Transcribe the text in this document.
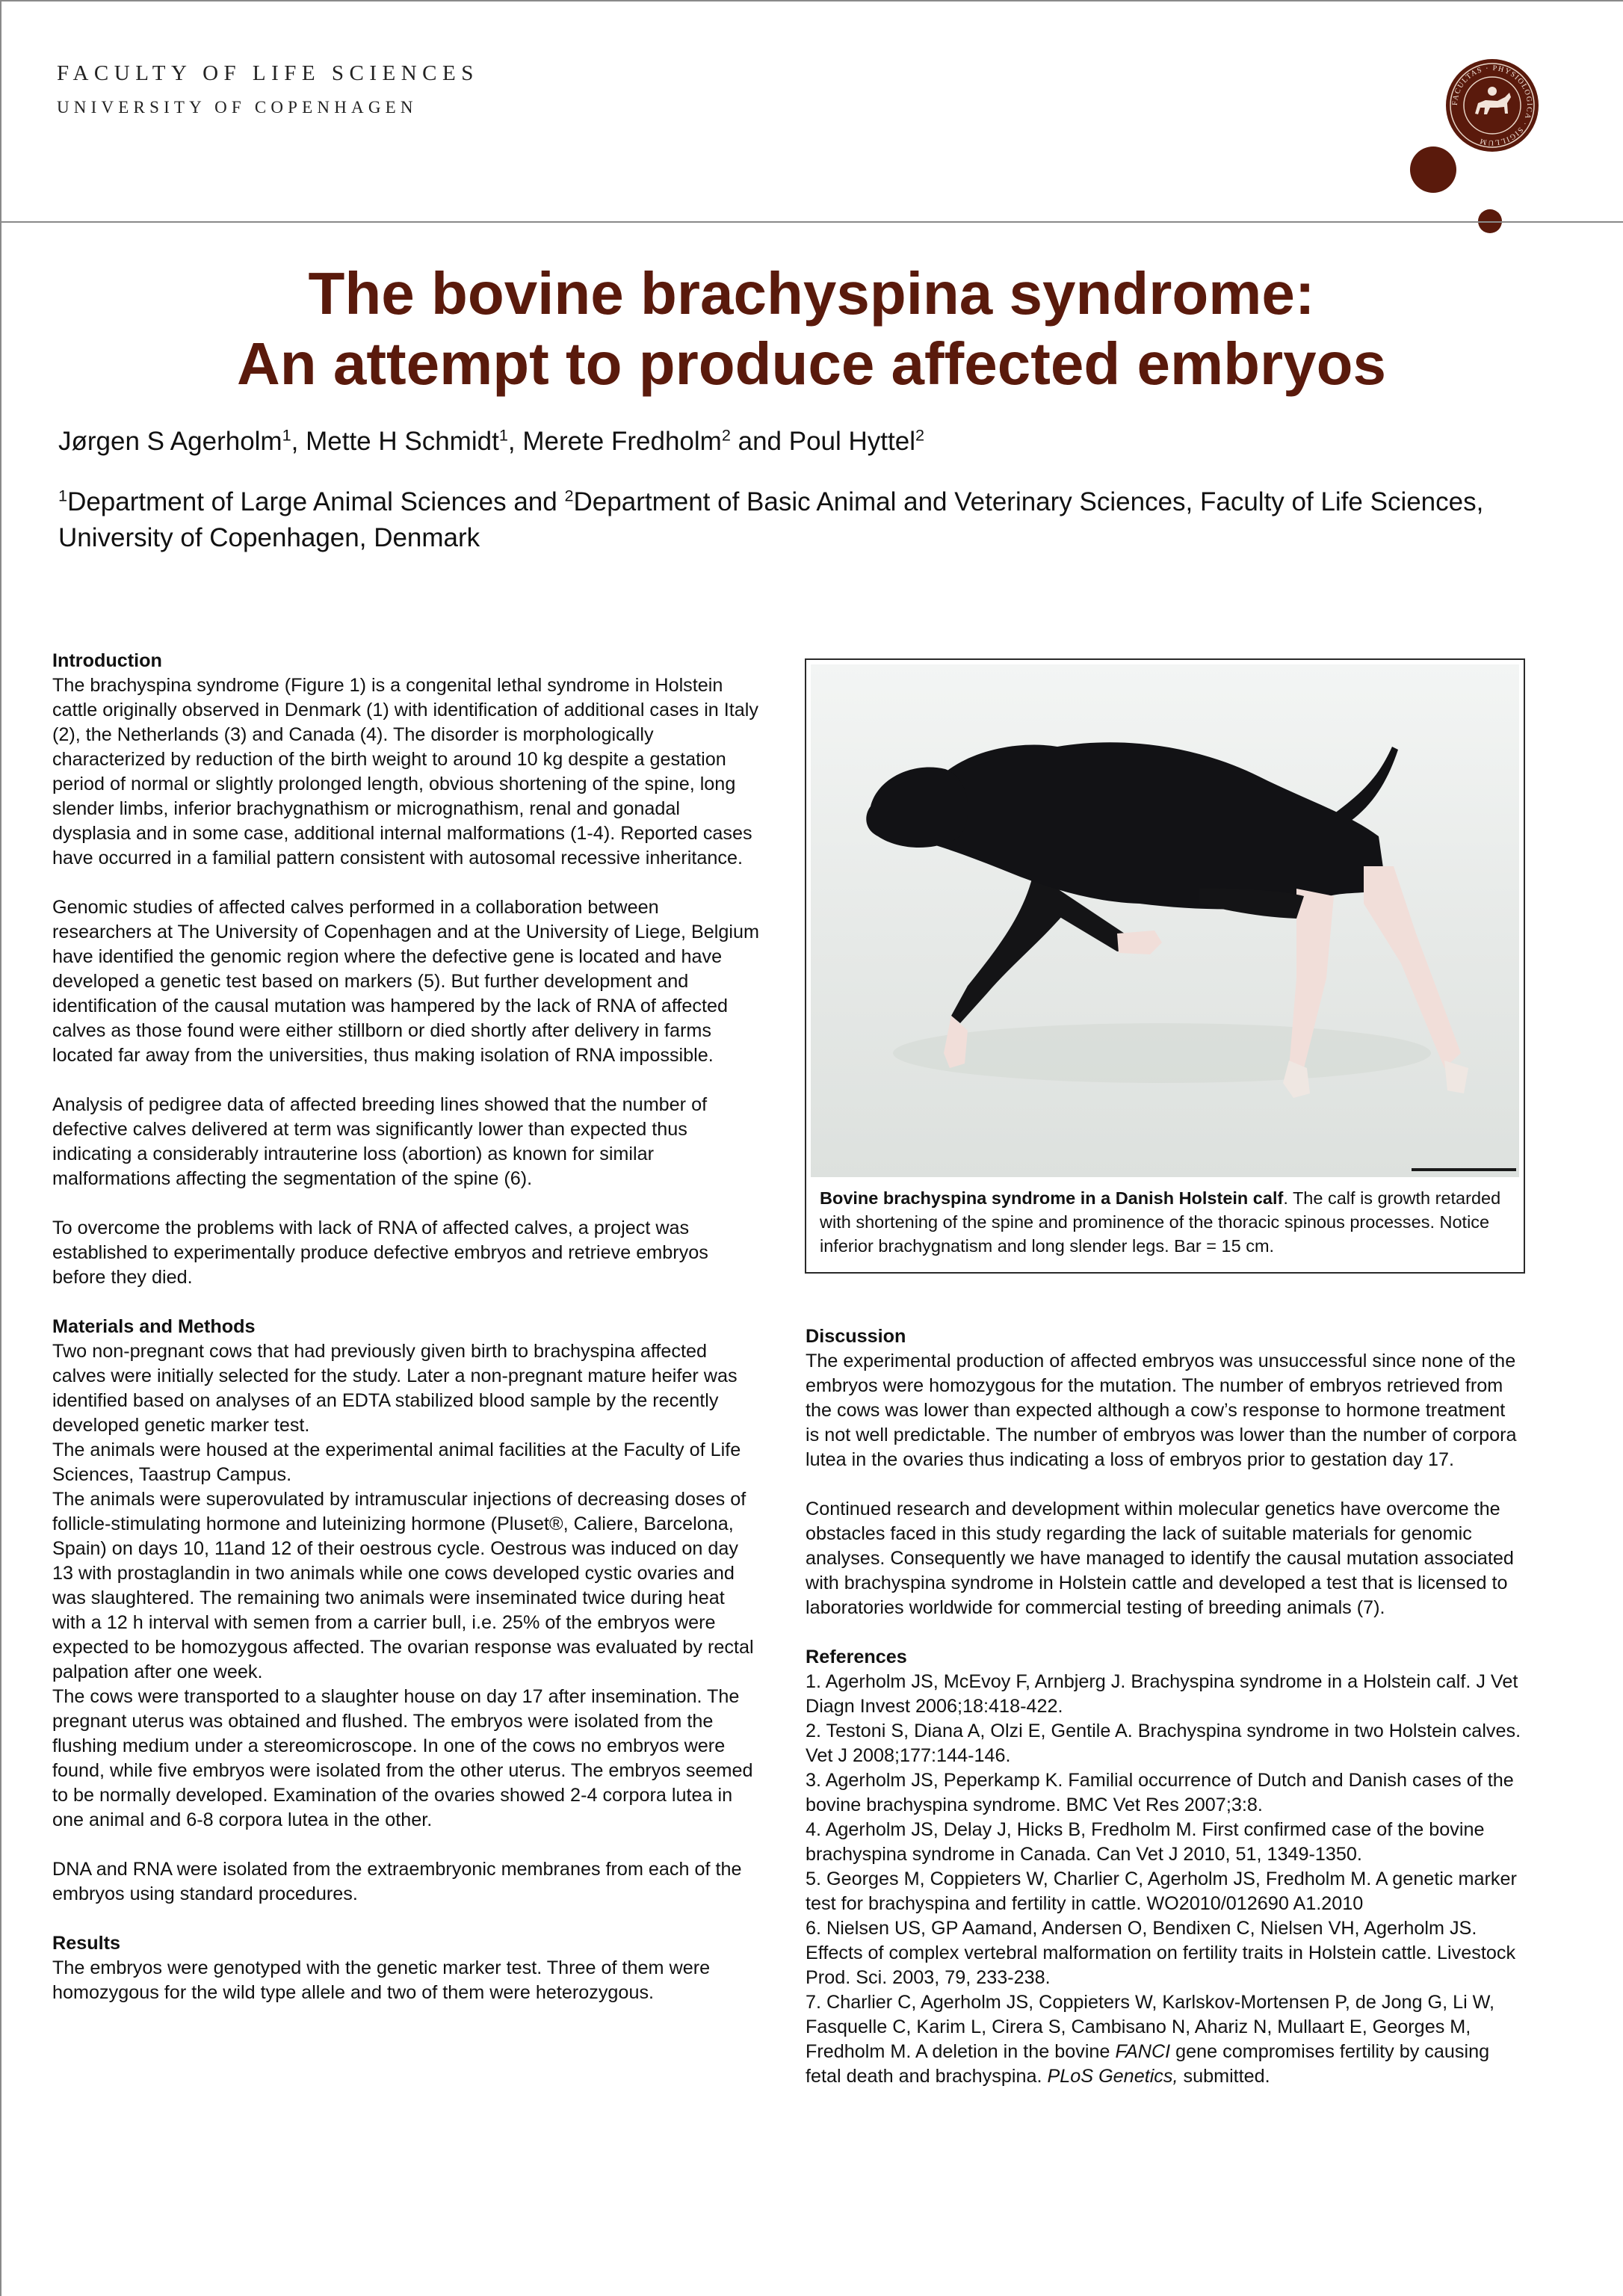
FACULTY OF LIFE SCIENCES

UNIVERSITY OF COPENHAGEN	FACULTAS · PHYSIOLOGICA · SIGILLUM
The bovine brachyspina syndrome:
An attempt to produce affected embryos

Jørgen S Agerholm$^1$, Mette H Schmidt$^1$, Merete Fredholm$^2$ and Poul Hyttel$^2$

$^1$Department of Large Animal Sciences and $^2$Department of Basic Animal and Veterinary Sciences, Faculty of Life Sciences, University of Copenhagen, Denmark

Introduction

The brachyspina syndrome (Figure 1) is a congenital lethal syndrome in Holstein cattle originally observed in Denmark (1) with identification of additional cases in Italy (2), the Netherlands (3) and Canada (4). The disorder is morphologically characterized by reduction of the birth weight to around 10 kg despite a gestation period of normal or slightly prolonged length, obvious shortening of the spine, long slender limbs, inferior brachygnathism or micrognathism, renal and gonadal dysplasia and in some case, additional internal malformations (1-4). Reported cases have occurred in a familial pattern consistent with autosomal recessive inheritance.

Genomic studies of affected calves performed in a collaboration between researchers at The University of Copenhagen and at the University of Liege, Belgium have identified the genomic region where the defective gene is located and have developed a genetic test based on markers (5). But further development and identification of the causal mutation was hampered by the lack of RNA of affected calves as those found were either stillborn or died shortly after delivery in farms located far away from the universities, thus making isolation of RNA impossible.

Analysis of pedigree data of affected breeding lines showed that the number of defective calves delivered at term was significantly lower than expected thus indicating a considerably intrauterine loss (abortion) as known for similar malformations affecting the segmentation of the spine (6).

To overcome the problems with lack of RNA of affected calves, a project was established to experimentally produce defective embryos and retrieve embryos before they died.

Materials and Methods

Two non-pregnant cows that had previously given birth to brachyspina affected calves were initially selected for the study. Later a non-pregnant mature heifer was identified based on analyses of an EDTA stabilized blood sample by the recently developed genetic marker test.

The animals were housed at the experimental animal facilities at the Faculty of Life Sciences, Taastrup Campus.

The animals were superovulated by intramuscular injections of decreasing doses of follicle-stimulating hormone and luteinizing hormone (Pluset®, Caliere, Barcelona, Spain) on days 10, 11and 12 of their oestrous cycle. Oestrous was induced on day 13 with prostaglandin in two animals while one cows developed cystic ovaries and was slaughtered. The remaining two animals were inseminated twice during heat with a 12 h interval with semen from a carrier bull, i.e. 25% of the embryos were expected to be homozygous affected. The ovarian response was evaluated by rectal palpation after one week.

The cows were transported to a slaughter house on day 17 after insemination. The pregnant uterus was obtained and flushed. The embryos were isolated from the flushing medium under a stereomicroscope. In one of the cows no embryos were found, while five embryos were isolated from the other uterus. The embryos seemed to be normally developed. Examination of the ovaries showed 2-4 corpora lutea in one animal and 6-8 corpora lutea in the other.

DNA and RNA were isolated from the extraembryonic membranes from each of the embryos using standard procedures.

Results

The embryos were genotyped with the genetic marker test. Three of them were homozygous for the wild type allele and two of them were heterozygous.

Bovine brachyspina syndrome in a Danish Holstein calf. The calf is growth retarded with shortening of the spine and prominence of the thoracic spinous processes. Notice inferior brachygnatism and long slender legs. Bar = 15 cm.

Discussion

The experimental production of affected embryos was unsuccessful since none of the embryos were homozygous for the mutation. The number of embryos retrieved from the cows was lower than expected although a cow’s response to hormone treatment is not well predictable. The number of embryos was lower than the number of corpora lutea in the ovaries thus indicating a loss of embryos prior to gestation day 17.

Continued research and development within molecular genetics have overcome the obstacles faced in this study regarding the lack of suitable materials for genomic analyses. Consequently we have managed to identify the causal mutation associated with brachyspina syndrome in Holstein cattle and developed a test that is licensed to laboratories worldwide for commercial testing of breeding animals (7).

References
1. Agerholm JS, McEvoy F, Arnbjerg J. Brachyspina syndrome in a Holstein calf. J Vet Diagn Invest 2006;18:418-422.
2. Testoni S, Diana A, Olzi E, Gentile A. Brachyspina syndrome in two Holstein calves. Vet J 2008;177:144-146.
3. Agerholm JS, Peperkamp K. Familial occurrence of Dutch and Danish cases of the bovine brachyspina syndrome. BMC Vet Res 2007;3:8.
4. Agerholm JS, Delay J, Hicks B, Fredholm M. First confirmed case of the bovine brachyspina syndrome in Canada. Can Vet J 2010, 51, 1349-1350.
5. Georges M, Coppieters W, Charlier C, Agerholm JS, Fredholm M. A genetic marker test for brachyspina and fertility in cattle. WO2010/012690 A1.2010
6. Nielsen US, GP Aamand, Andersen O, Bendixen C, Nielsen VH, Agerholm JS. Effects of complex vertebral malformation on fertility traits in Holstein cattle. Livestock Prod. Sci. 2003, 79, 233-238.
7. Charlier C, Agerholm JS, Coppieters W, Karlskov-Mortensen P, de Jong G, Li W, Fasquelle C, Karim L, Cirera S, Cambisano N, Ahariz N, Mullaart E, Georges M, Fredholm M. A deletion in the bovine FANCI gene compromises fertility by causing fetal death and brachyspina. PLoS Genetics, submitted.
